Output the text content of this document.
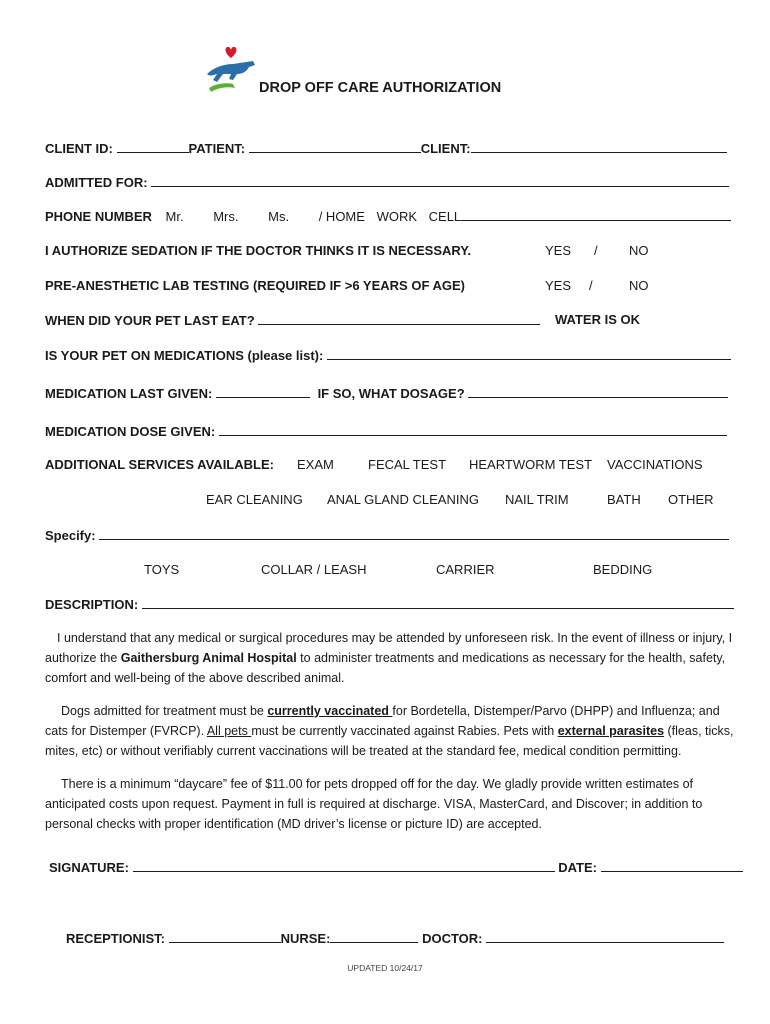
DROP OFF CARE AUTHORIZATION
CLIENT ID:	PATIENT:	CLIENT:
ADMITTED FOR:
PHONE NUMBER Mr. Mrs. Ms. / HOME WORK CELL
I AUTHORIZE SEDATION IF THE DOCTOR THINKS IT IS NECESSARY.	YES / NO
PRE-ANESTHETIC LAB TESTING (REQUIRED IF >6 YEARS OF AGE)	YES /	NO
WHEN DID YOUR PET LAST EAT?	WATER IS OK
IS YOUR PET ON MEDICATIONS (please list):
MEDICATION LAST GIVEN:	IF SO, WHAT DOSAGE?
MEDICATION DOSE GIVEN:
ADDITIONAL SERVICES AVAILABLE: EXAM	FECAL TEST HEARTWORM TEST VACCINATIONS
EAR CLEANING ANAL GLAND CLEANING NAIL TRIM	BATH OTHER
Specify:
TOYS	COLLAR / LEASH	CARRIER	BEDDING
DESCRIPTION:
I understand that any medical or surgical procedures may be attended by unforeseen risk. In the event of illness or injury, I authorize the Gaithersburg Animal Hospital to administer treatments and medications as necessary for the health, safety, comfort and well-being of the above described animal.
Dogs admitted for treatment must be currently vaccinated for Bordetella, Distemper/Parvo (DHPP) and Influenza; and cats for Distemper (FVRCP). All pets must be currently vaccinated against Rabies. Pets with external parasites (fleas, ticks, mites, etc) or without verifiably current vaccinations will be treated at the standard fee, medical condition permitting.
There is a minimum “daycare” fee of $11.00 for pets dropped off for the day. We gladly provide written estimates of anticipated costs upon request. Payment in full is required at discharge. VISA, MasterCard, and Discover; in addition to personal checks with proper identification (MD driver’s license or picture ID) are accepted.
SIGNATURE:	DATE:
RECEPTIONIST:	NURSE:	DOCTOR:
UPDATED 10/24/17
